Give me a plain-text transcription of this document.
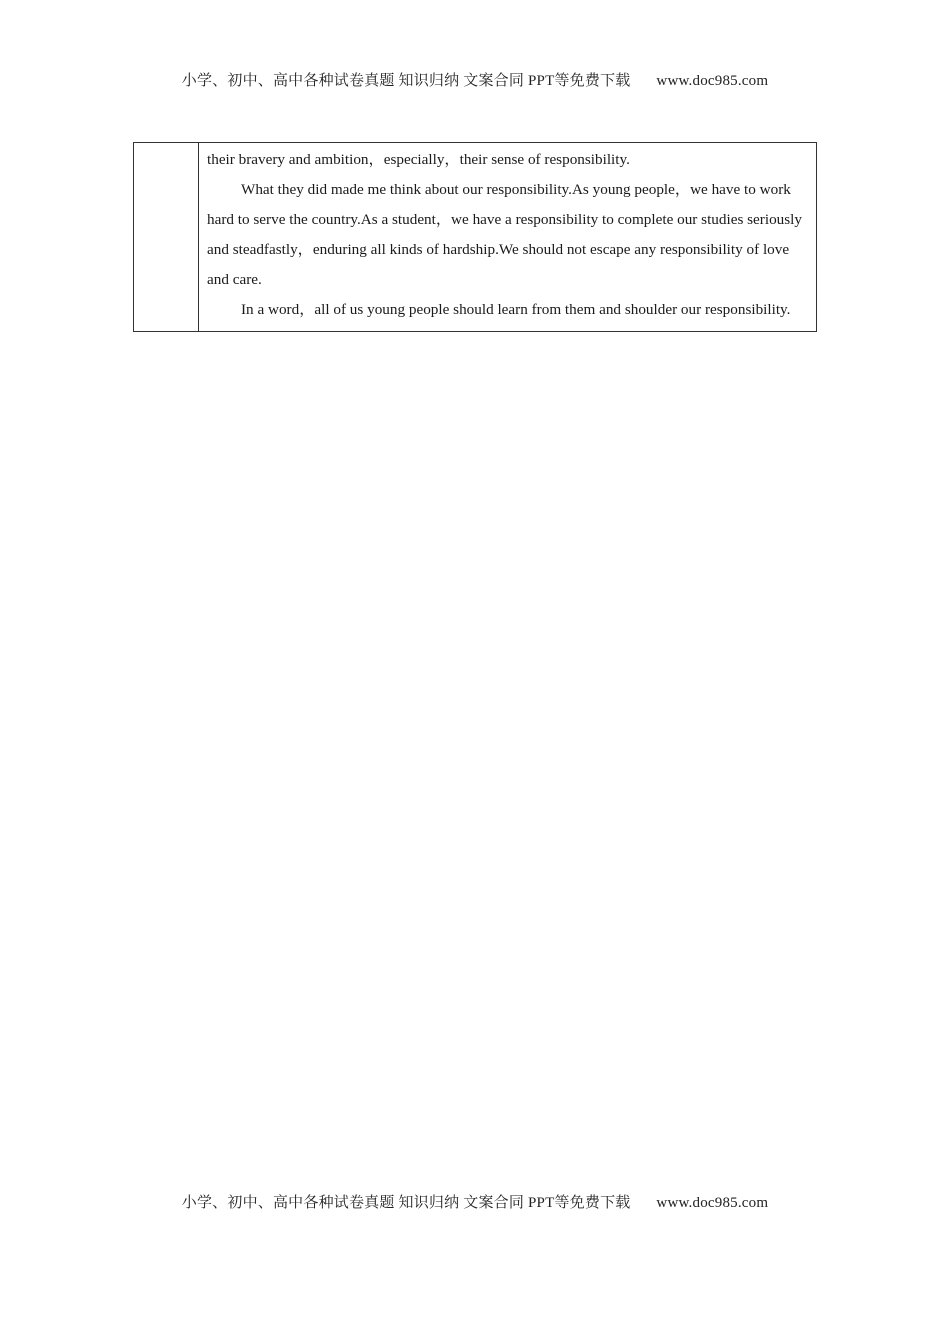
小学、初中、高中各种试卷真题 知识归纳 文案合同 PPT等免费下载 www.doc985.com

their bravery and ambition，especially，their sense of responsibility.

What they did made me think about our responsibility.As young people，we have to work hard to serve the country.As a student，we have a responsibility to complete our studies seriously and steadfastly，enduring all kinds of hardship.We should not escape any responsibility of love and care.

In a word，all of us young people should learn from them and shoulder our responsibility.

小学、初中、高中各种试卷真题 知识归纳 文案合同 PPT等免费下载 www.doc985.com
